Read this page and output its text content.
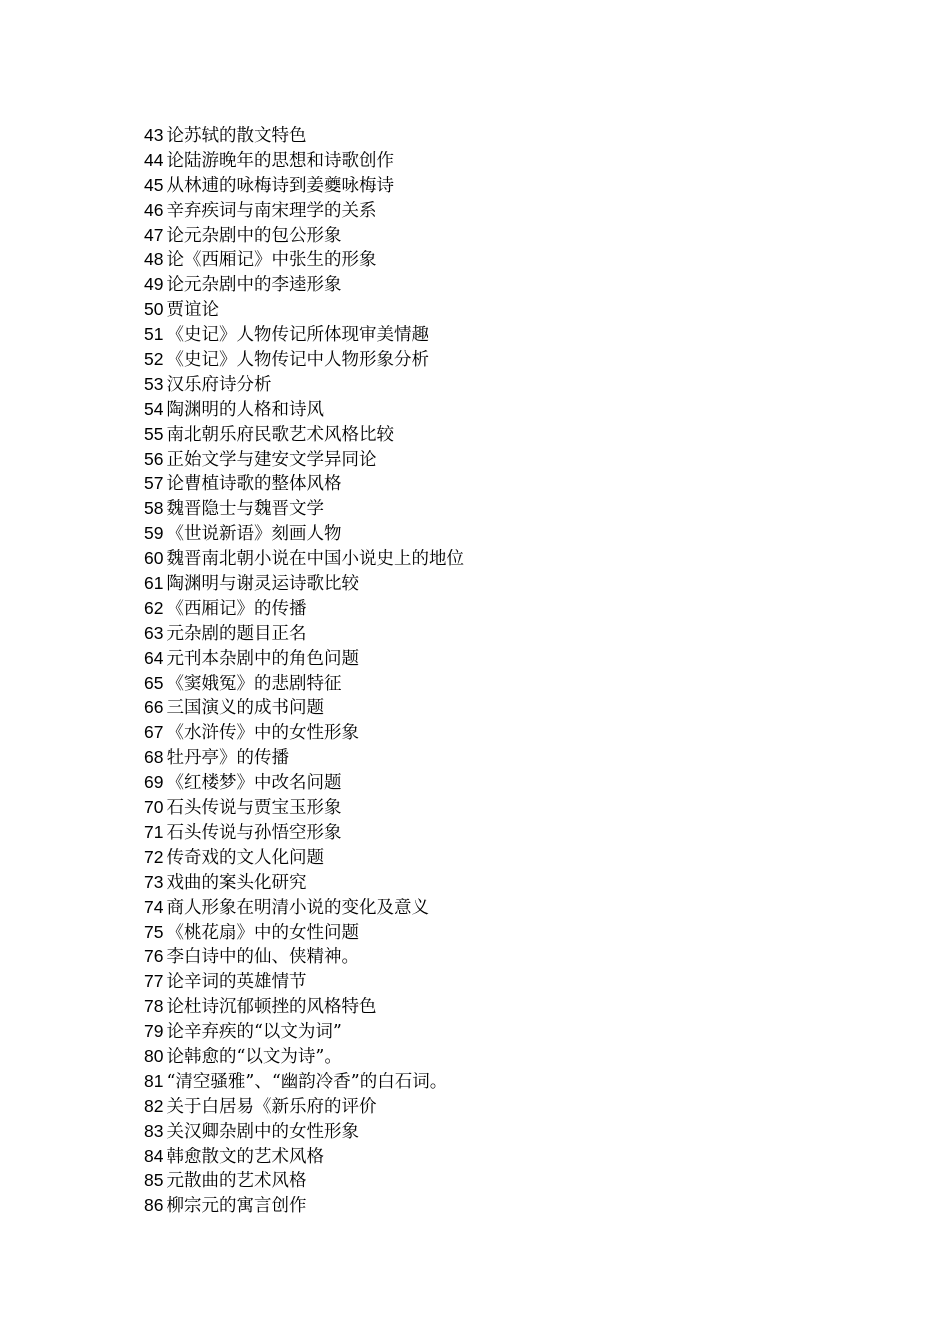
43 论苏轼的散文特色
44 论陆游晚年的思想和诗歌创作
45 从林逋的咏梅诗到姜夔咏梅诗
46 辛弃疾词与南宋理学的关系
47 论元杂剧中的包公形象
48 论《西厢记》中张生的形象
49 论元杂剧中的李逵形象
50 贾谊论
51 《史记》人物传记所体现审美情趣
52 《史记》人物传记中人物形象分析
53 汉乐府诗分析
54 陶渊明的人格和诗风
55 南北朝乐府民歌艺术风格比较
56 正始文学与建安文学异同论
57 论曹植诗歌的整体风格
58 魏晋隐士与魏晋文学
59 《世说新语》刻画人物
60 魏晋南北朝小说在中国小说史上的地位
61 陶渊明与谢灵运诗歌比较
62 《西厢记》的传播
63 元杂剧的题目正名
64 元刊本杂剧中的角色问题
65 《窦娥冤》的悲剧特征
66 三国演义的成书问题
67 《水浒传》中的女性形象
68 牡丹亭》的传播
69 《红楼梦》中改名问题
70 石头传说与贾宝玉形象
71 石头传说与孙悟空形象
72 传奇戏的文人化问题
73 戏曲的案头化研究
74 商人形象在明清小说的变化及意义
75 《桃花扇》中的女性问题
76 李白诗中的仙、侠精神。
77 论辛词的英雄情节
78 论杜诗沉郁顿挫的风格特色
79 论辛弃疾的“以文为词”
80 论韩愈的“以文为诗”。
81 “清空骚雅”、“幽韵冷香”的白石词。
82 关于白居易《新乐府的评价
83 关汉卿杂剧中的女性形象
84 韩愈散文的艺术风格
85 元散曲的艺术风格
86 柳宗元的寓言创作
